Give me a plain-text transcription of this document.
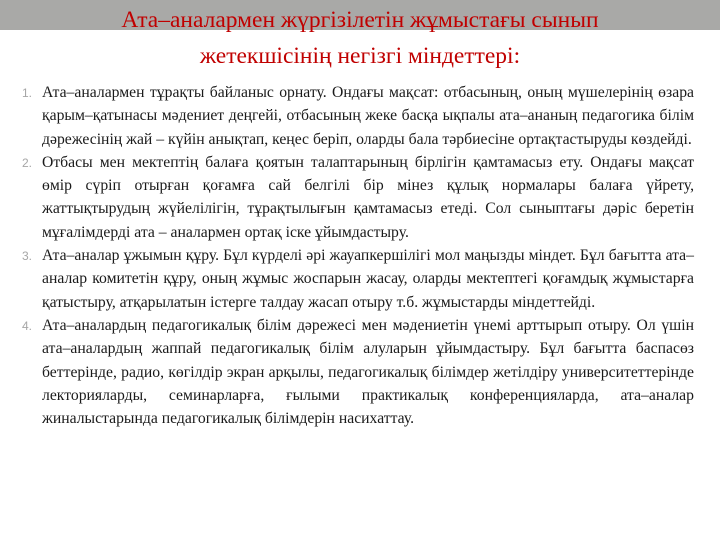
Ата–аналармен жүргізілетін жұмыстағы сынып
жетекшісінің негізгі міндеттері:
1. Ата–аналармен тұрақты байланыс орнату. Ондағы мақсат: отбасының, оның мүшелерінің өзара қарым–қатынасы мәдениет деңгейі, отбасының жеке басқа ықпалы ата–ананың педагогика білім дәрежесінің жай – күйін анықтап, кеңес беріп, оларды бала тәрбиесіне ортақтастыруды көздейді.
2. Отбасы мен мектептің балаға қоятын талаптарының бірлігін қамтамасыз ету. Ондағы мақсат өмір сүріп отырған қоғамға сай белгілі бір мінез құлық нормалары балаға үйрету, жаттықтырудың жүйелілігін, тұрақтылығын қамтамасыз етеді. Сол сыныптағы дәріс беретін мұғалімдерді ата – аналармен ортақ іске ұйымдастыру.
3. Ата–аналар ұжымын құру. Бұл күрделі әрі жауапкершілігі мол маңызды міндет. Бұл бағытта ата–аналар комитетін құру, оның жұмыс жоспарын жасау, оларды мектептегі қоғамдық жұмыстарға қатыстыру, атқарылатын істерге талдау жасап отыру т.б. жұмыстарды міндеттейді.
4. Ата–аналардың педагогикалық білім дәрежесі мен мәдениетін үнемі арттырып отыру. Ол үшін ата–аналардың жаппай педагогикалық білім алуларын ұйымдастыру. Бұл бағытта баспасөз беттерінде, радио, көгілдір экран арқылы, педагогикалық білімдер жетілдіру университеттерінде лекторияларды, семинарларға, ғылыми практикалық конференцияларда, ата–аналар жиналыстарында педагогикалық білімдерін насихаттау.
